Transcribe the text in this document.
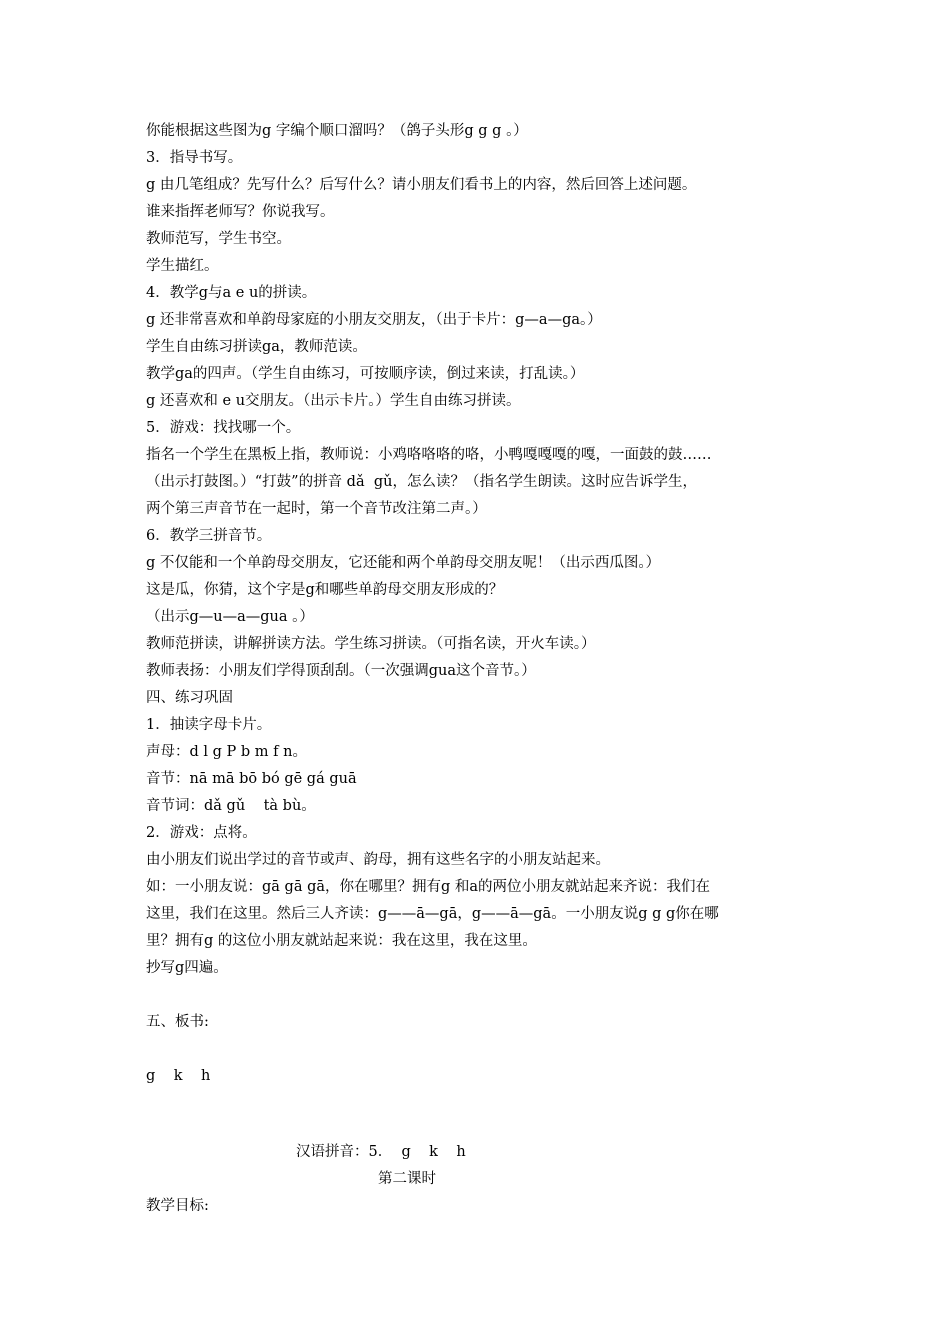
你能根据这些图为g 字编个顺口溜吗？（鸽子头形g g g 。）

3．指导书写。

g 由几笔组成？先写什么？后写什么？请小朋友们看书上的内容，然后回答上述问题。

谁来指挥老师写？你说我写。

教师范写，学生书空。

学生描红。

4．教学g与a e u的拼读。

g 还非常喜欢和单韵母家庭的小朋友交朋友，（出于卡片：g—a—ga。）

学生自由练习拼读ga，教师范读。

教学ga的四声。（学生自由练习，可按顺序读，倒过来读，打乱读。）

g 还喜欢和 e u交朋友。（出示卡片。）学生自由练习拼读。

5．游戏：找找哪一个。

指名一个学生在黑板上指，教师说：小鸡咯咯咯的咯，小鸭嘎嘎嘎的嘎，一面鼓的鼓……

（出示打鼓图。）“打鼓”的拼音 dǎ  gǔ，怎么读？（指名学生朗读。这时应告诉学生，

两个第三声音节在一起时，第一个音节改注第二声。）

6．教学三拼音节。

g 不仅能和一个单韵母交朋友，它还能和两个单韵母交朋友呢！（出示西瓜图。）

这是瓜，你猜，这个字是g和哪些单韵母交朋友形成的？

（出示g—u—a—gua 。）

教师范拼读，讲解拼读方法。学生练习拼读。（可指名读，开火车读。）

教师表扬：小朋友们学得顶刮刮。（一次强调gua这个音节。）

四、练习巩固

1．抽读字母卡片。

声母：d l g P b m f n。

音节：nā mā bō bó gē gá guā

音节词：dǎ gǔ    tà bù。

2．游戏：点将。

由小朋友们说出学过的音节或声、韵母，拥有这些名字的小朋友站起来。

如：一小朋友说：gā gā gā，你在哪里？拥有g 和a的两位小朋友就站起来齐说：我们在

这里，我们在这里。然后三人齐读：g——ā—gā，g——ā—gā。一小朋友说g g g你在哪

里？拥有g 的这位小朋友就站起来说：我在这里，我在这里。

抄写g四遍。

五、板书:

g    k    h

汉语拼音：5．  g    k    h
第二课时
教学目标:
